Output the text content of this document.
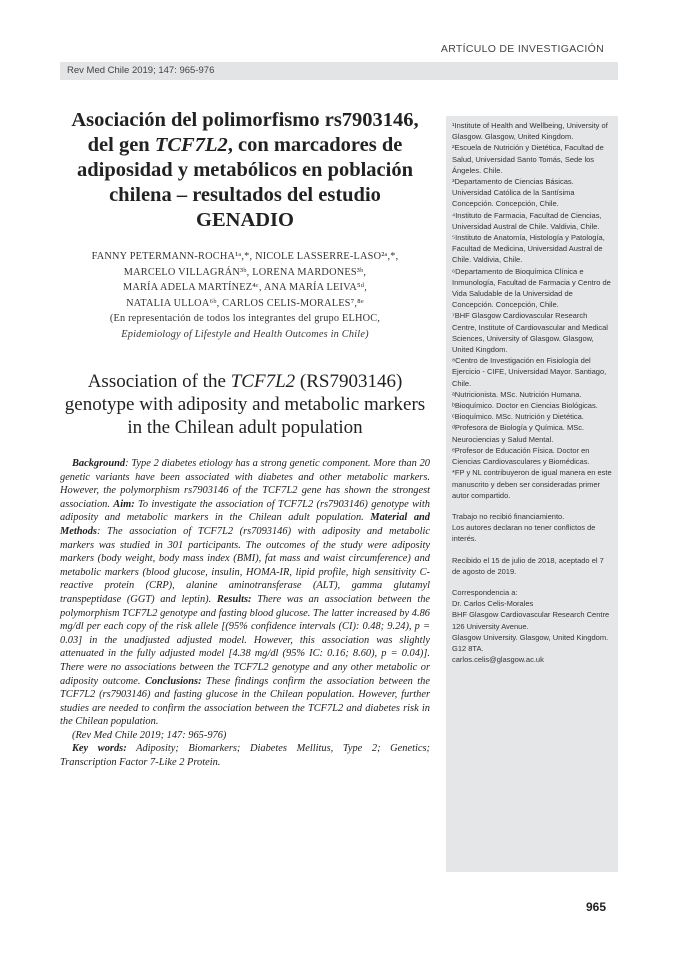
ARTÍCULO DE INVESTIGACIÓN
Rev Med Chile 2019; 147: 965-976
Asociación del polimorfismo rs7903146, del gen TCF7L2, con marcadores de adiposidad y metabólicos en población chilena – resultados del estudio GENADIO
FANNY PETERMANN-ROCHA¹ᵃ,*, NICOLE LASSERRE-LASO²ᵃ,*,
MARCELO VILLAGRÁN³ᵇ, LORENA MARDONES³ᵇ,
MARÍA ADELA MARTÍNEZ⁴ᶜ, ANA MARÍA LEIVA⁵ᵈ,
NATALIA ULLOA⁶ᵇ, CARLOS CELIS-MORALES⁷,⁸ᵉ
(En representación de todos los integrantes del grupo ELHOC,
Epidemiology of Lifestyle and Health Outcomes in Chile)
Association of the TCF7L2 (RS7903146) genotype with adiposity and metabolic markers in the Chilean adult population

Background: Type 2 diabetes etiology has a strong genetic component. More than 20 genetic variants have been associated with diabetes and other metabolic markers. However, the polymorphism rs7903146 of the TCF7L2 gene has shown the strongest association. Aim: To investigate the association of TCF7L2 (rs7903146) genotype with adiposity and metabolic markers in the Chilean adult population. Material and Methods: The association of TCF7L2 (rs7093146) with adiposity and metabolic markers was studied in 301 participants. The outcomes of the study were adiposity markers (body weight, body mass index (BMI), fat mass and waist circumference) and metabolic markers (blood glucose, insulin, HOMA-IR, lipid profile, high sensitivity C-reactive protein (CRP), alanine aminotransferase (ALT), gamma glutamyl transpeptidase (GGT) and leptin). Results: There was an association between the polymorphism TCF7L2 genotype and fasting blood glucose. The latter increased by 4.86 mg/dl per each copy of the risk allele [(95% confidence intervals (CI): 0.48; 9.24), p = 0.03] in the unadjusted adjusted model. However, this association was slightly attenuated in the fully adjusted model [4.38 mg/dl (95% IC: 0.16; 8.60), p = 0.04)]. There were no associations between the TCF7L2 genotype and any other metabolic or adiposity outcome. Conclusions: These findings confirm the association between the TCF7L2 (rs7903146) and fasting glucose in the Chilean population. However, further studies are needed to confirm the association between the TCF7L2 and diabetes risk in the Chilean population.

(Rev Med Chile 2019; 147: 965-976)

Key words: Adiposity; Biomarkers; Diabetes Mellitus, Type 2; Genetics; Transcription Factor 7-Like 2 Protein.

¹Institute of Health and Wellbeing, University of Glasgow. Glasgow, United Kingdom.

²Escuela de Nutrición y Dietética, Facultad de Salud, Universidad Santo Tomás, Sede los Ángeles. Chile.

³Departamento de Ciencias Básicas. Universidad Católica de la Santísima Concepción. Concepción, Chile.

⁴Instituto de Farmacia, Facultad de Ciencias, Universidad Austral de Chile. Valdivia, Chile.

⁵Instituto de Anatomía, Histología y Patología, Facultad de Medicina, Universidad Austral de Chile. Valdivia, Chile.

⁶Departamento de Bioquímica Clínica e Inmunología, Facultad de Farmacia y Centro de Vida Saludable de la Universidad de Concepción. Concepción, Chile.

⁷BHF Glasgow Cardiovascular Research Centre, Institute of Cardiovascular and Medical Sciences, University of Glasgow. Glasgow, United Kingdom.

⁸Centro de Investigación en Fisiología del Ejercicio - CIFE, Universidad Mayor. Santiago, Chile.

ᵃNutricionista. MSc. Nutrición Humana.

ᵇBioquímico. Doctor en Ciencias Biológicas.

ᶜBioquímico. MSc. Nutrición y Dietética.

ᵈProfesora de Biología y Química. MSc. Neurociencias y Salud Mental.

ᵉProfesor de Educación Física. Doctor en Ciencias Cardiovasculares y Biomédicas.

*FP y NL contribuyeron de igual manera en este manuscrito y deben ser consideradas primer autor compartido.

Trabajo no recibió financiamiento.

Los autores declaran no tener conflictos de interés.

Recibido el 15 de julio de 2018, aceptado el 7 de agosto de 2019.

Correspondencia a:

Dr. Carlos Celis-Morales

BHF Glasgow Cardiovascular Research Centre

126 University Avenue.

Glasgow University. Glasgow, United Kingdom. G12 8TA.

carlos.celis@glasgow.ac.uk

965
